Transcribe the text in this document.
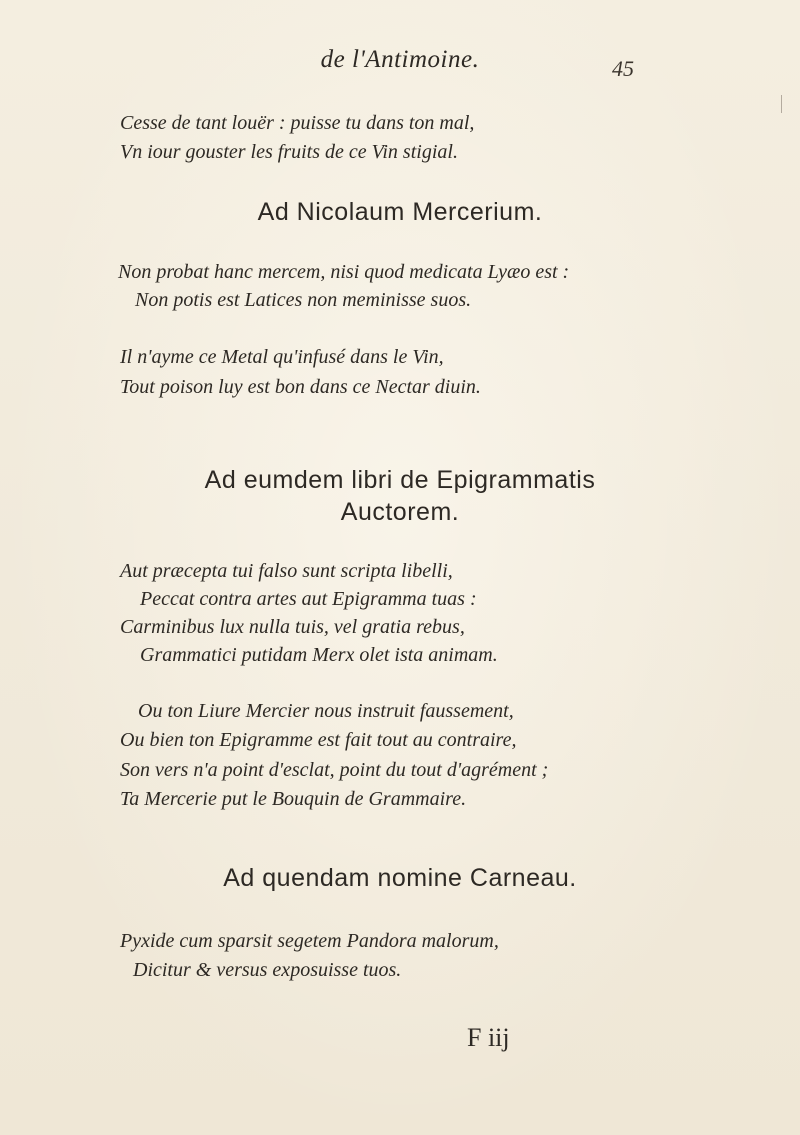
de l'Antimoine.	45

Cesse de tant louër : puisse tu dans ton mal,

Vn iour gouster les fruits de ce Vin stigial.

Ad Nicolaum Mercerium.

Non probat hanc mercem, nisi quod medicata Lyæo est :

Non potis est Latices non meminisse suos.

Il n'ayme ce Metal qu'infusé dans le Vin,

Tout poison luy est bon dans ce Nectar diuin.

Ad eumdem libri de Epigrammatis

Auctorem.

Aut præcepta tui falso sunt scripta libelli,

Peccat contra artes aut Epigramma tuas :

Carminibus lux nulla tuis, vel gratia rebus,

Grammatici putidam Merx olet ista animam.

Ou ton Liure Mercier nous instruit faussement,

Ou bien ton Epigramme est fait tout au contraire,

Son vers n'a point d'esclat, point du tout d'agrément ;

Ta Mercerie put le Bouquin de Grammaire.

Ad quendam nomine Carneau.

Pyxide cum sparsit segetem Pandora malorum,

Dicitur & versus exposuisse tuos.

F iij
